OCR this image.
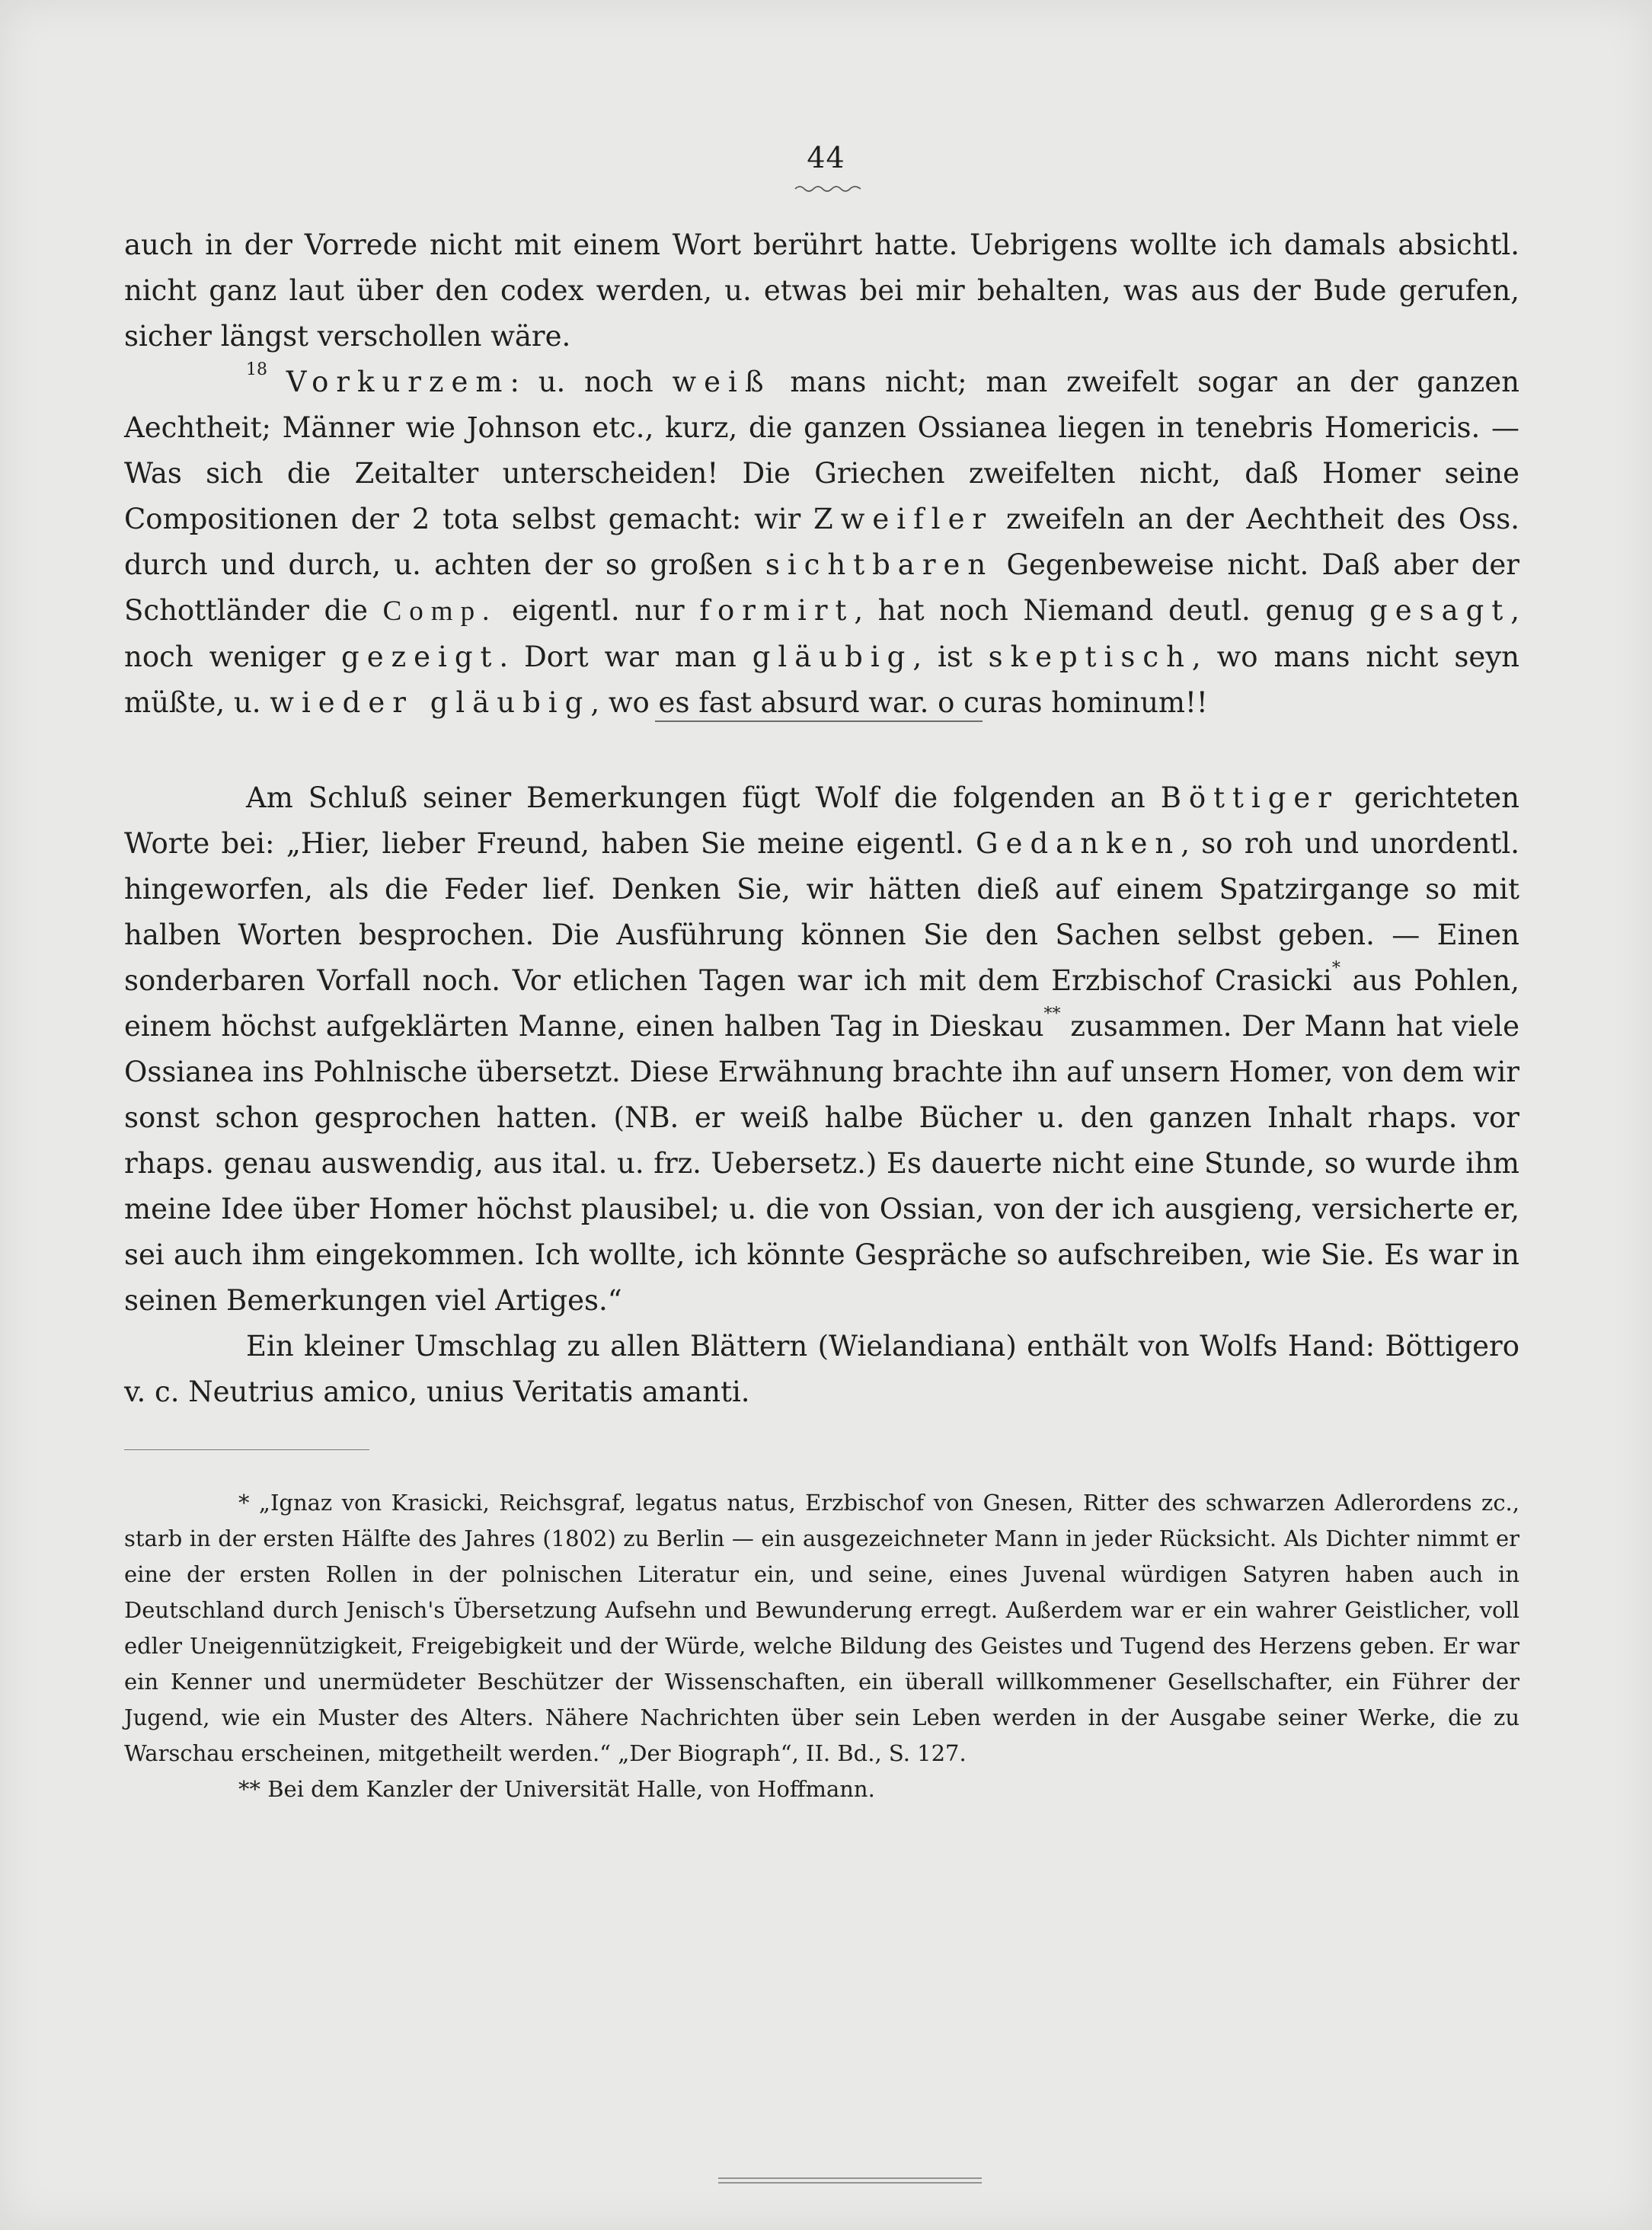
44

auch in der Vorrede nicht mit einem Wort berührt hatte. Uebrigens wollte ich damals absichtl. nicht ganz laut über den codex werden, u. etwas bei mir behalten, was aus der Bude gerufen, sicher längst verschollen wäre.

$^{18}$ Vorkurzem: u. noch weiß mans nicht; man zweifelt sogar an der ganzen Aechtheit; Männer wie Johnson etc., kurz, die ganzen Ossianea liegen in tenebris Homericis. — Was sich die Zeitalter unterscheiden! Die Griechen zweifelten nicht, daß Homer seine Compositionen der 2 tota selbst gemacht: wir Zweifler zweifeln an der Aechtheit des Oss. durch und durch, u. achten der so großen sichtbaren Gegenbeweise nicht. Daß aber der Schottländer die Comp. eigentl. nur formirt, hat noch Niemand deutl. genug gesagt, noch weniger gezeigt. Dort war man gläubig, ist skeptisch, wo mans nicht seyn müßte, u. wieder gläubig, wo es fast absurd war. o curas hominum!!

Am Schluß seiner Bemerkungen fügt Wolf die folgenden an Böttiger gerichteten Worte bei: „Hier, lieber Freund, haben Sie meine eigentl. Gedanken, so roh und unordentl. hingeworfen, als die Feder lief. Denken Sie, wir hätten dieß auf einem Spatzirgange so mit halben Worten besprochen. Die Ausführung können Sie den Sachen selbst geben. — Einen sonderbaren Vorfall noch. Vor etlichen Tagen war ich mit dem Erzbischof Crasicki* aus Pohlen, einem höchst aufgeklärten Manne, einen halben Tag in Dieskau** zusammen. Der Mann hat viele Ossianea ins Pohlnische übersetzt. Diese Erwähnung brachte ihn auf unsern Homer, von dem wir sonst schon gesprochen hatten. (NB. er weiß halbe Bücher u. den ganzen Inhalt rhaps. vor rhaps. genau auswendig, aus ital. u. frz. Uebersetz.) Es dauerte nicht eine Stunde, so wurde ihm meine Idee über Homer höchst plausibel; u. die von Ossian, von der ich ausgieng, versicherte er, sei auch ihm eingekommen. Ich wollte, ich könnte Gespräche so aufschreiben, wie Sie. Es war in seinen Bemerkungen viel Artiges.“

Ein kleiner Umschlag zu allen Blättern (Wielandiana) enthält von Wolfs Hand: Böttigero v. c. Neutrius amico, unius Veritatis amanti.

* „Ignaz von Krasicki, Reichsgraf, legatus natus, Erzbischof von Gnesen, Ritter des schwarzen Adlerordens zc., starb in der ersten Hälfte des Jahres (1802) zu Berlin — ein ausgezeichneter Mann in jeder Rücksicht. Als Dichter nimmt er eine der ersten Rollen in der polnischen Literatur ein, und seine, eines Juvenal würdigen Satyren haben auch in Deutschland durch Jenisch's Übersetzung Aufsehn und Bewunderung erregt. Außerdem war er ein wahrer Geistlicher, voll edler Uneigennützigkeit, Freigebigkeit und der Würde, welche Bildung des Geistes und Tugend des Herzens geben. Er war ein Kenner und unermüdeter Beschützer der Wissenschaften, ein überall willkommener Gesellschafter, ein Führer der Jugend, wie ein Muster des Alters. Nähere Nachrichten über sein Leben werden in der Ausgabe seiner Werke, die zu Warschau erscheinen, mitgetheilt werden.“ „Der Biograph“, II. Bd., S. 127.

** Bei dem Kanzler der Universität Halle, von Hoffmann.
